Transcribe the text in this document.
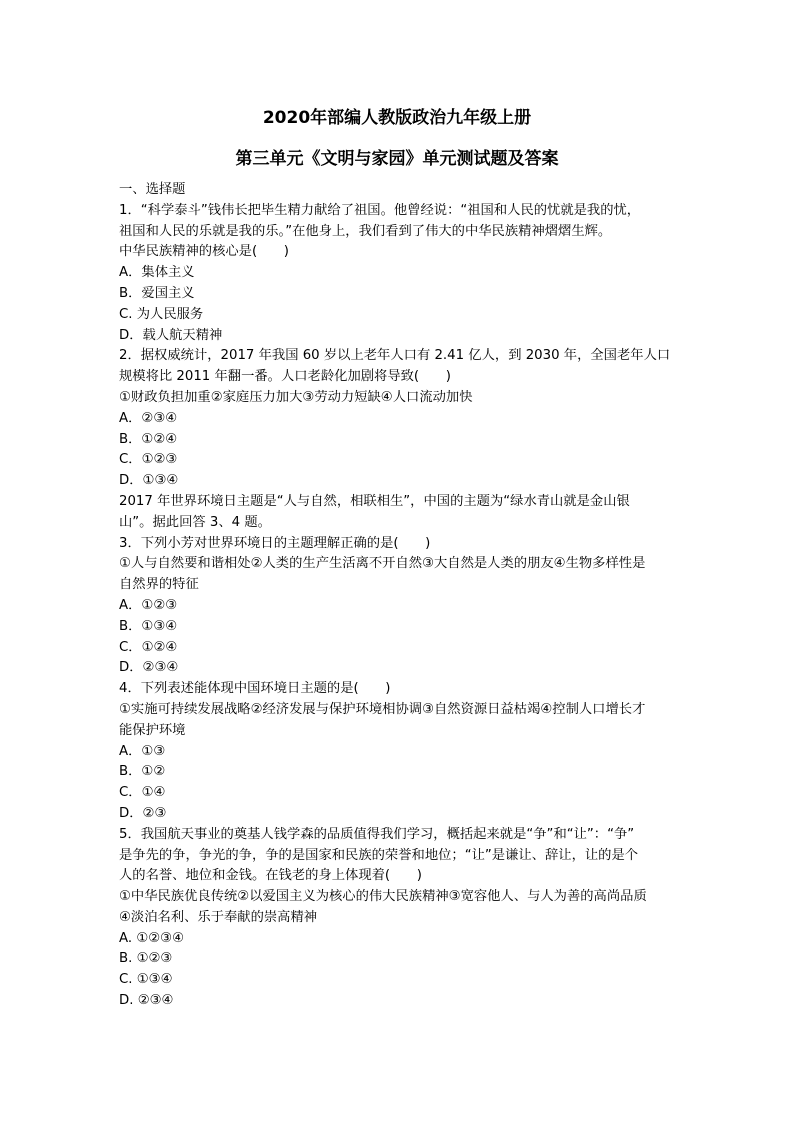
2020年部编人教版政治九年级上册
第三单元《文明与家园》单元测试题及答案
一、选择题
1．“科学泰斗”钱伟长把毕生精力献给了祖国。他曾经说：“祖国和人民的忧就是我的忧，
祖国和人民的乐就是我的乐。”在他身上，我们看到了伟大的中华民族精神熠熠生辉。
中华民族精神的核心是(　　)
A．集体主义
B．爱国主义
C. 为人民服务
D．载人航天精神
2．据权威统计，2017 年我国 60 岁以上老年人口有 2.41 亿人，到 2030 年，全国老年人口
规模将比 2011 年翻一番。人口老龄化加剧将导致(　　)
①财政负担加重②家庭压力加大③劳动力短缺④人口流动加快
A．②③④
B．①②④
C．①②③
D．①③④
2017 年世界环境日主题是“人与自然，相联相生”，中国的主题为“绿水青山就是金山银
山”。据此回答 3、4 题。
3．下列小芳对世界环境日的主题理解正确的是(　　)
①人与自然要和谐相处②人类的生产生活离不开自然③大自然是人类的朋友④生物多样性是
自然界的特征
A．①②③
B．①③④
C．①②④
D．②③④
4．下列表述能体现中国环境日主题的是(　　)
①实施可持续发展战略②经济发展与保护环境相协调③自然资源日益枯竭④控制人口增长才
能保护环境
A．①③
B．①②
C．①④
D．②③
5．我国航天事业的奠基人钱学森的品质值得我们学习，概括起来就是“争”和“让”：“争”
是争先的争，争光的争，争的是国家和民族的荣誉和地位；“让”是谦让、辞让，让的是个
人的名誉、地位和金钱。在钱老的身上体现着(　　)
①中华民族优良传统②以爱国主义为核心的伟大民族精神③宽容他人、与人为善的高尚品质
④淡泊名利、乐于奉献的崇高精神
A. ①②③④
B. ①②③
C. ①③④
D. ②③④
